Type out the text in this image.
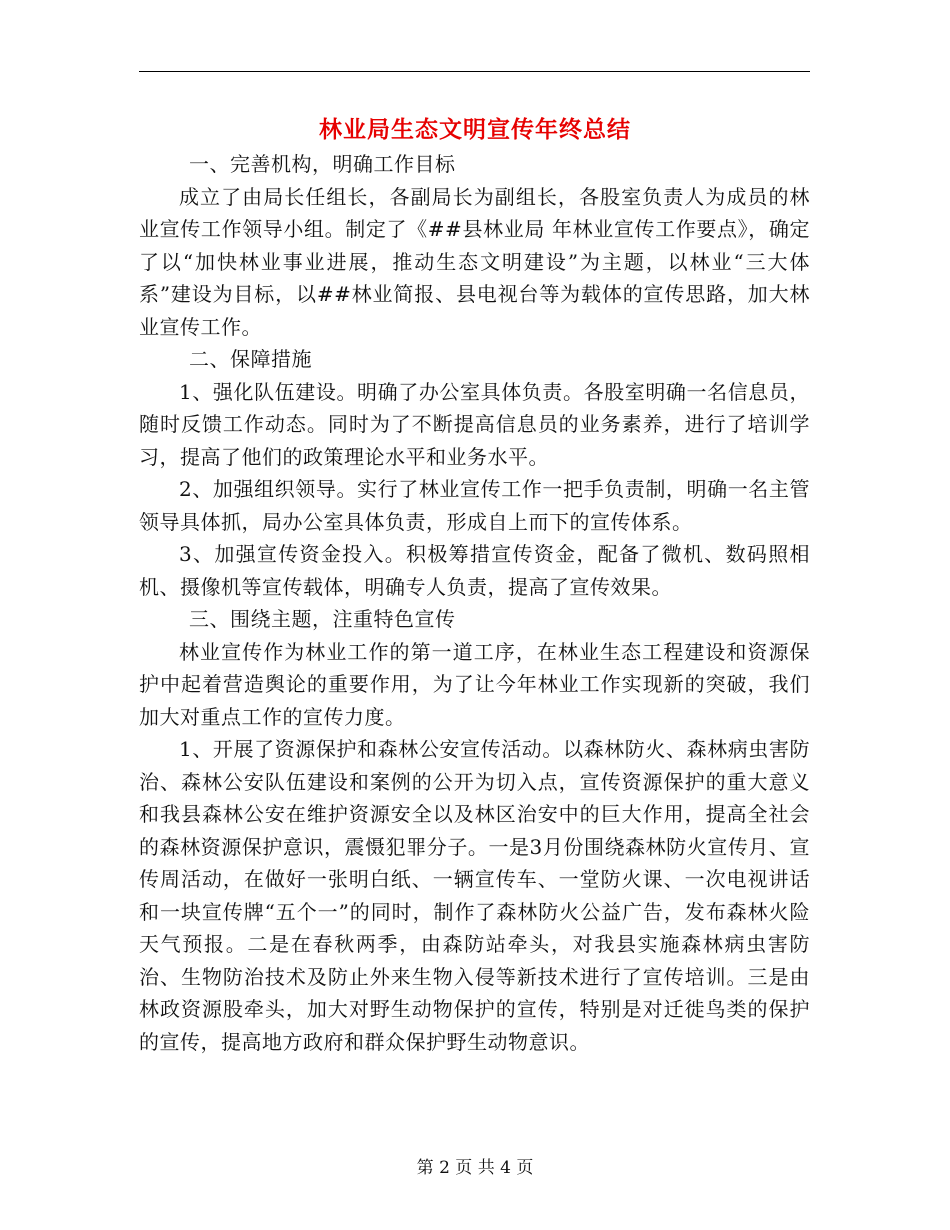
林业局生态文明宣传年终总结

一、完善机构，明确工作目标

成立了由局长任组长，各副局长为副组长，各股室负责人为成员的林业宣传工作领导小组。制定了《##县林业局 年林业宣传工作要点》，确定了以“加快林业事业进展，推动生态文明建设”为主题，以林业“三大体系”建设为目标，以##林业简报、县电视台等为载体的宣传思路，加大林业宣传工作。

二、保障措施

1、强化队伍建设。明确了办公室具体负责。各股室明确一名信息员，随时反馈工作动态。同时为了不断提高信息员的业务素养，进行了培训学习，提高了他们的政策理论水平和业务水平。

2、加强组织领导。实行了林业宣传工作一把手负责制，明确一名主管领导具体抓，局办公室具体负责，形成自上而下的宣传体系。

3、加强宣传资金投入。积极筹措宣传资金，配备了微机、数码照相机、摄像机等宣传载体，明确专人负责，提高了宣传效果。

三、围绕主题，注重特色宣传

林业宣传作为林业工作的第一道工序，在林业生态工程建设和资源保护中起着营造舆论的重要作用，为了让今年林业工作实现新的突破，我们加大对重点工作的宣传力度。

1、开展了资源保护和森林公安宣传活动。以森林防火、森林病虫害防治、森林公安队伍建设和案例的公开为切入点，宣传资源保护的重大意义和我县森林公安在维护资源安全以及林区治安中的巨大作用，提高全社会的森林资源保护意识，震慑犯罪分子。一是3月份围绕森林防火宣传月、宣传周活动，在做好一张明白纸、一辆宣传车、一堂防火课、一次电视讲话和一块宣传牌“五个一”的同时，制作了森林防火公益广告，发布森林火险天气预报。二是在春秋两季，由森防站牵头，对我县实施森林病虫害防治、生物防治技术及防止外来生物入侵等新技术进行了宣传培训。三是由林政资源股牵头，加大对野生动物保护的宣传，特别是对迁徙鸟类的保护的宣传，提高地方政府和群众保护野生动物意识。

第 2 页 共 4 页
